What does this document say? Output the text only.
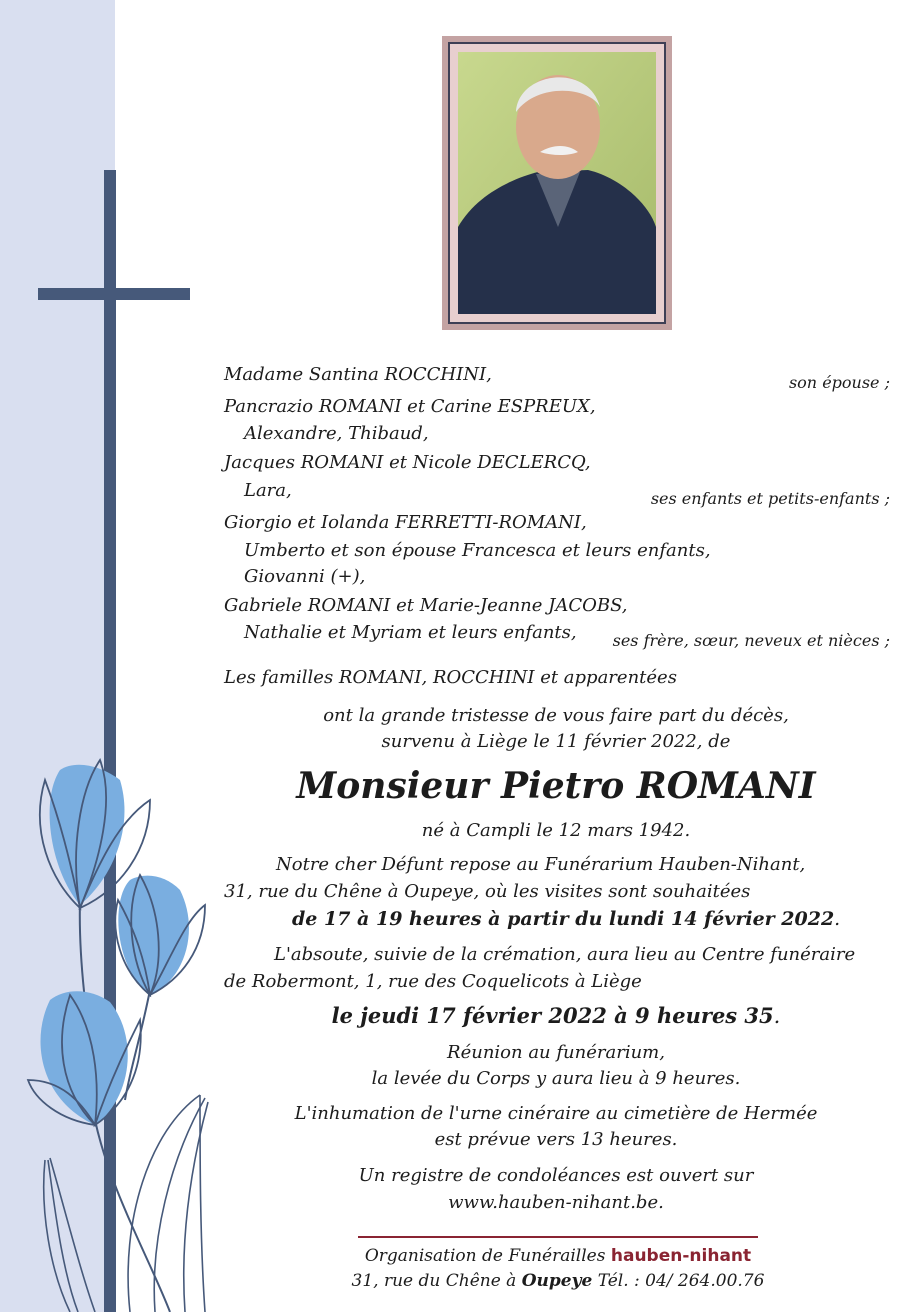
Madame Santina ROCCHINI,	son épouse ;
Pancrazio ROMANI et Carine ESPREUX,
Alexandre, Thibaud,
Jacques ROMANI et Nicole DECLERCQ,
Lara,	ses enfants et petits-enfants ;
Giorgio et Iolanda FERRETTI-ROMANI,
Umberto et son épouse Francesca et leurs enfants,
Giovanni (+),
Gabriele ROMANI et Marie-Jeanne JACOBS,
Nathalie et Myriam et leurs enfants, ses frère, sœur, neveux et nièces ;
Les familles ROMANI, ROCCHINI et apparentées
ont la grande tristesse de vous faire part du décès,
survenu à Liège le 11 février 2022, de
Monsieur Pietro ROMANI
né à Campli le 12 mars 1942.
Notre cher Défunt repose au Funérarium Hauben-Nihant,
31, rue du Chêne à Oupeye, où les visites sont souhaitées
de 17 à 19 heures à partir du lundi 14 février 2022.
L'absoute, suivie de la crémation, aura lieu au Centre funéraire
de Robermont, 1, rue des Coquelicots à Liège
le jeudi 17 février 2022 à 9 heures 35.
Réunion au funérarium,
la levée du Corps y aura lieu à 9 heures.
L'inhumation de l'urne cinéraire au cimetière de Hermée
est prévue vers 13 heures.
Un registre de condoléances est ouvert sur
www.hauben-nihant.be.
Organisation de Funérailles hauben-nihant
31, rue du Chêne à Oupeye Tél. : 04/ 264.00.76
